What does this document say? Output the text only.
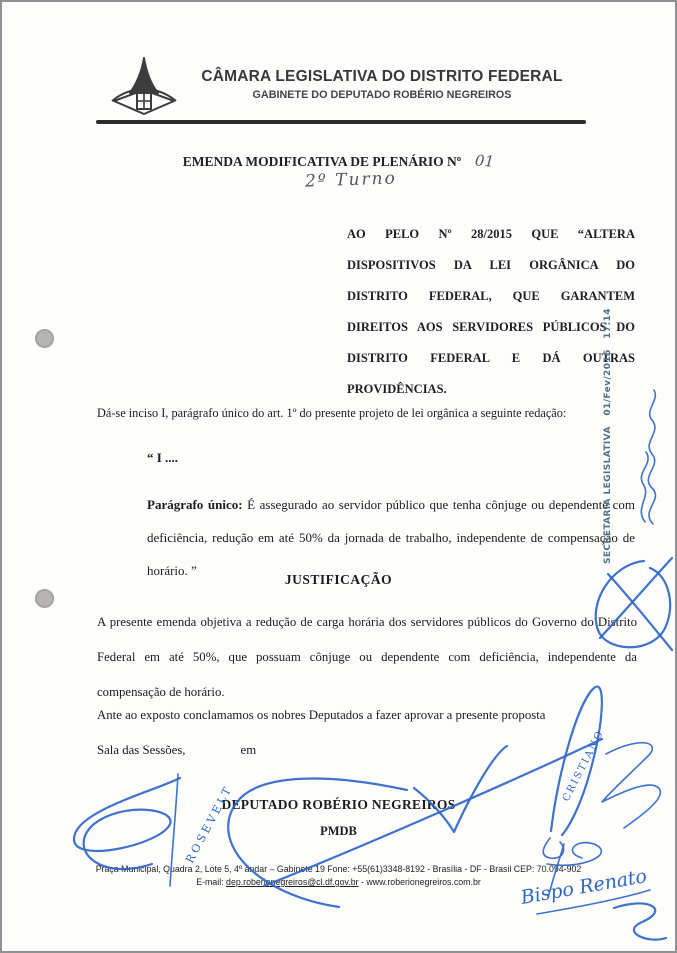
CÂMARA LEGISLATIVA DO DISTRITO FEDERAL
GABINETE DO DEPUTADO ROBÉRIO NEGREIROS
EMENDA MODIFICATIVA DE PLENÁRIO Nº 01
2º Turno
AO PELO Nº 28/2015 QUE “ALTERA DISPOSITIVOS DA LEI ORGÂNICA DO DISTRITO FEDERAL, QUE GARANTEM DIREITOS AOS SERVIDORES PÚBLICOS DO DISTRITO FEDERAL E DÁ OUTRAS PROVIDÊNCIAS.
Dá-se inciso I, parágrafo único do art. 1º do presente projeto de lei orgânica a seguinte redação:
“ I ....
Parágrafo único: É assegurado ao servidor público que tenha cônjuge ou dependente com deficiência, redução em até 50% da jornada de trabalho, independente de compensação de horário. ”
JUSTIFICAÇÃO
A presente emenda objetiva a redução de carga horária dos servidores públicos do Governo do Distrito Federal em até 50%, que possuam cônjuge ou dependente com deficiência, independente da compensação de horário.
Ante ao exposto conclamamos os nobres Deputados a fazer aprovar a presente proposta
Sala das Sessões,	em
DEPUTADO ROBÉRIO NEGREIROS
PMDB
Praça Municipal, Quadra 2, Lote 5, 4º andar – Gabinete 19 Fone: +55(61)3348-8192 - Brasília - DF - Brasil CEP: 70.094-902
E-mail: dep.roberionegreiros@cl.df.gov.br - www.roberionegreiros.com.br
SECRETARIA LEGISLATIVA   01/Fev/2016   17:14
ROSEVELT
CRISTIANO
Bispo Renato
